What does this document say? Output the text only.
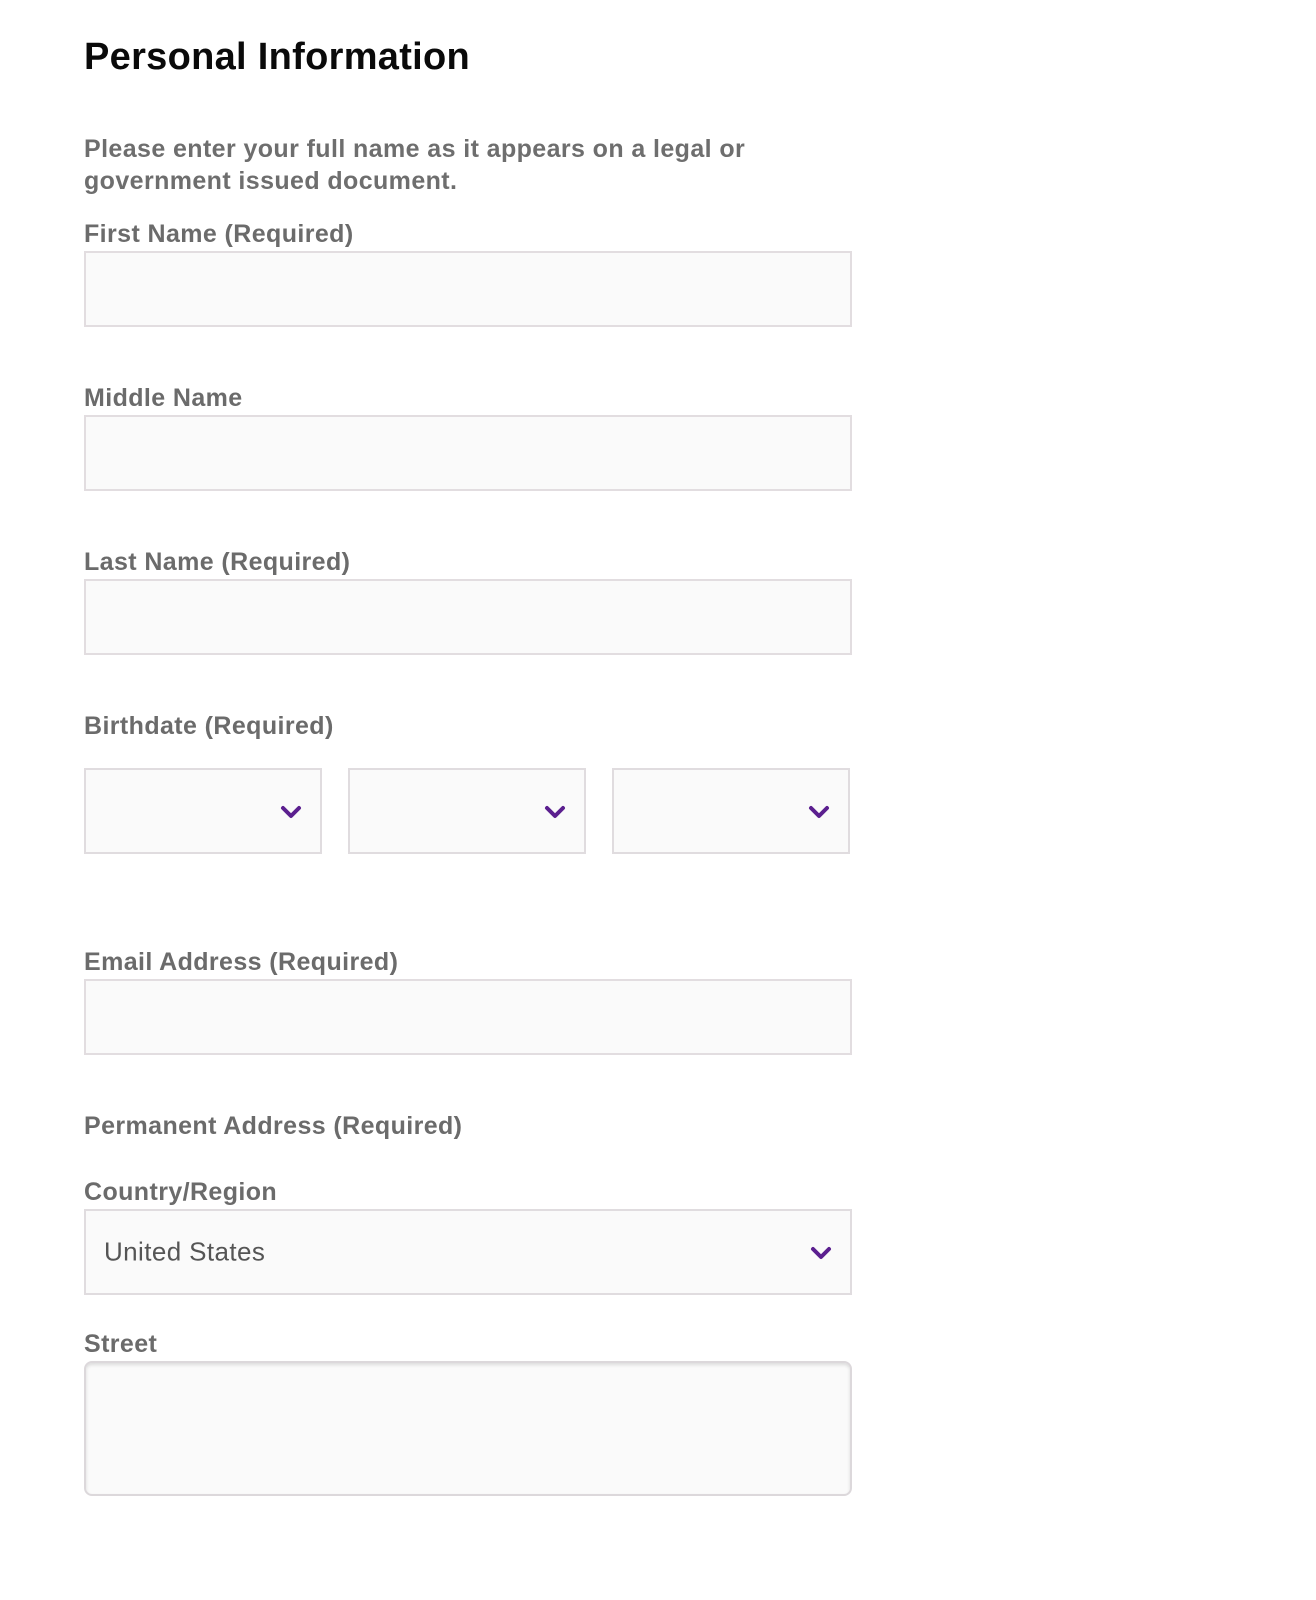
Personal Information

Please enter your full name as it appears on a legal or government issued document.

First Name (Required)
Middle Name
Last Name (Required)
Birthdate (Required)
Email Address (Required)
Permanent Address (Required)
Country/Region
United States
Street
